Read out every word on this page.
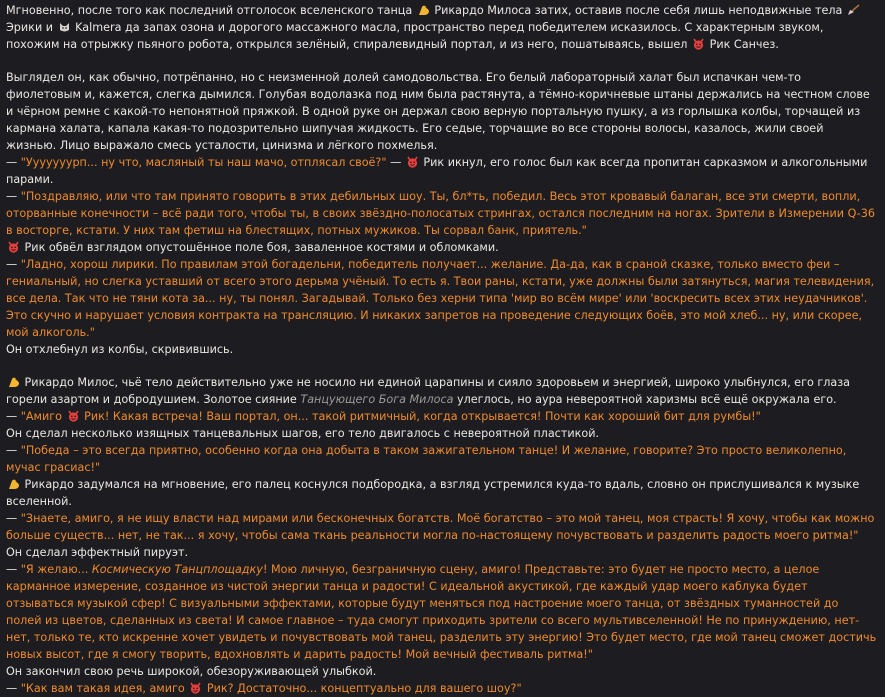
Мгновенно, после того как последний отголосок вселенского танца
Рикардо Милоса затих, оставив после себя лишь неподвижные тела
Эрики и
Kalmera да запах озона и дорогого массажного масла, пространство перед победителем исказилось. С характерным звуком, похожим на отрыжку пьяного робота, открылся зелёный, спиралевидный портал, и из него, пошатываясь, вышел
Рик Санчез.

Выглядел он, как обычно, потрёпанно, но с неизменной долей самодовольства. Его белый лабораторный халат был испачкан чем-то фиолетовым и, кажется, слегка дымился. Голубая водолазка под ним была растянута, а тёмно-коричневые штаны держались на честном слове и чёрном ремне с какой-то непонятной пряжкой. В одной руке он держал свою верную портальную пушку, а из горлышка колбы, торчащей из кармана халата, капала какая-то подозрительно шипучая жидкость. Его седые, торчащие во все стороны волосы, казалось, жили своей жизнью. Лицо выражало смесь усталости, цинизма и лёгкого похмелья.

— "Ууууууурп... ну что, масляный ты наш мачо, отплясал своё?" —
Рик икнул, его голос был как всегда пропитан сарказмом и алкогольными парами.

— "Поздравляю, или что там принято говорить в этих дебильных шоу. Ты, бл*ть, победил. Весь этот кровавый балаган, все эти смерти, вопли, оторванные конечности – всё ради того, чтобы ты, в своих звёздно-полосатых стрингах, остался последним на ногах. Зрители в Измерении Q-36 в восторге, кстати. У них там фетиш на блестящих, потных мужиков. Ты сорвал банк, приятель."

Рик обвёл взглядом опустошённое поле боя, заваленное костями и обломками.

— "Ладно, хорош лирики. По правилам этой богадельни, победитель получает... желание. Да-да, как в сраной сказке, только вместо феи – гениальный, но слегка уставший от всего этого дерьма учёный. То есть я. Твои раны, кстати, уже должны были затянуться, магия телевидения, все дела. Так что не тяни кота за... ну, ты понял. Загадывай. Только без херни типа 'мир во всём мире' или 'воскресить всех этих неудачников'. Это скучно и нарушает условия контракта на трансляцию. И никаких запретов на проведение следующих боёв, это мой хлеб... ну, или скорее, мой алкоголь."

Он отхлебнул из колбы, скривившись.

Рикардо Милос, чьё тело действительно уже не носило ни единой царапины и сияло здоровьем и энергией, широко улыбнулся, его глаза горели азартом и добродушием. Золотое сияние Танцующего Бога Милоса улеглось, но аура невероятной харизмы всё ещё окружала его.

— "Амиго
Рик! Какая встреча! Ваш портал, он... такой ритмичный, когда открывается! Почти как хороший бит для румбы!"

Он сделал несколько изящных танцевальных шагов, его тело двигалось с невероятной пластикой.

— "Победа – это всегда приятно, особенно когда она добыта в таком зажигательном танце! И желание, говорите? Это просто великолепно, мучас грасиас!"

Рикардо задумался на мгновение, его палец коснулся подбородка, а взгляд устремился куда-то вдаль, словно он прислушивался к музыке вселенной.

— "Знаете, амиго, я не ищу власти над мирами или бесконечных богатств. Моё богатство – это мой танец, моя страсть! Я хочу, чтобы как можно больше существ... нет, не так... я хочу, чтобы сама ткань реальности могла по-настоящему почувствовать и разделить радость моего ритма!"

Он сделал эффектный пируэт.

— "Я желаю... Космическую Танцплощадку! Мою личную, безграничную сцену, амиго! Представьте: это будет не просто место, а целое карманное измерение, созданное из чистой энергии танца и радости! С идеальной акустикой, где каждый удар моего каблука будет отзываться музыкой сфер! С визуальными эффектами, которые будут меняться под настроение моего танца, от звёздных туманностей до полей из цветов, сделанных из света! И самое главное – туда смогут приходить зрители со всего мультивселенной! Не по принуждению, нет-нет, только те, кто искренне хочет увидеть и почувствовать мой танец, разделить эту энергию! Это будет место, где мой танец сможет достичь новых высот, где я смогу творить, вдохновлять и дарить радость! Мой вечный фестиваль ритма!"

Он закончил свою речь широкой, обезоруживающей улыбкой.

— "Как вам такая идея, амиго
Рик? Достаточно... концептуально для вашего шоу?"
